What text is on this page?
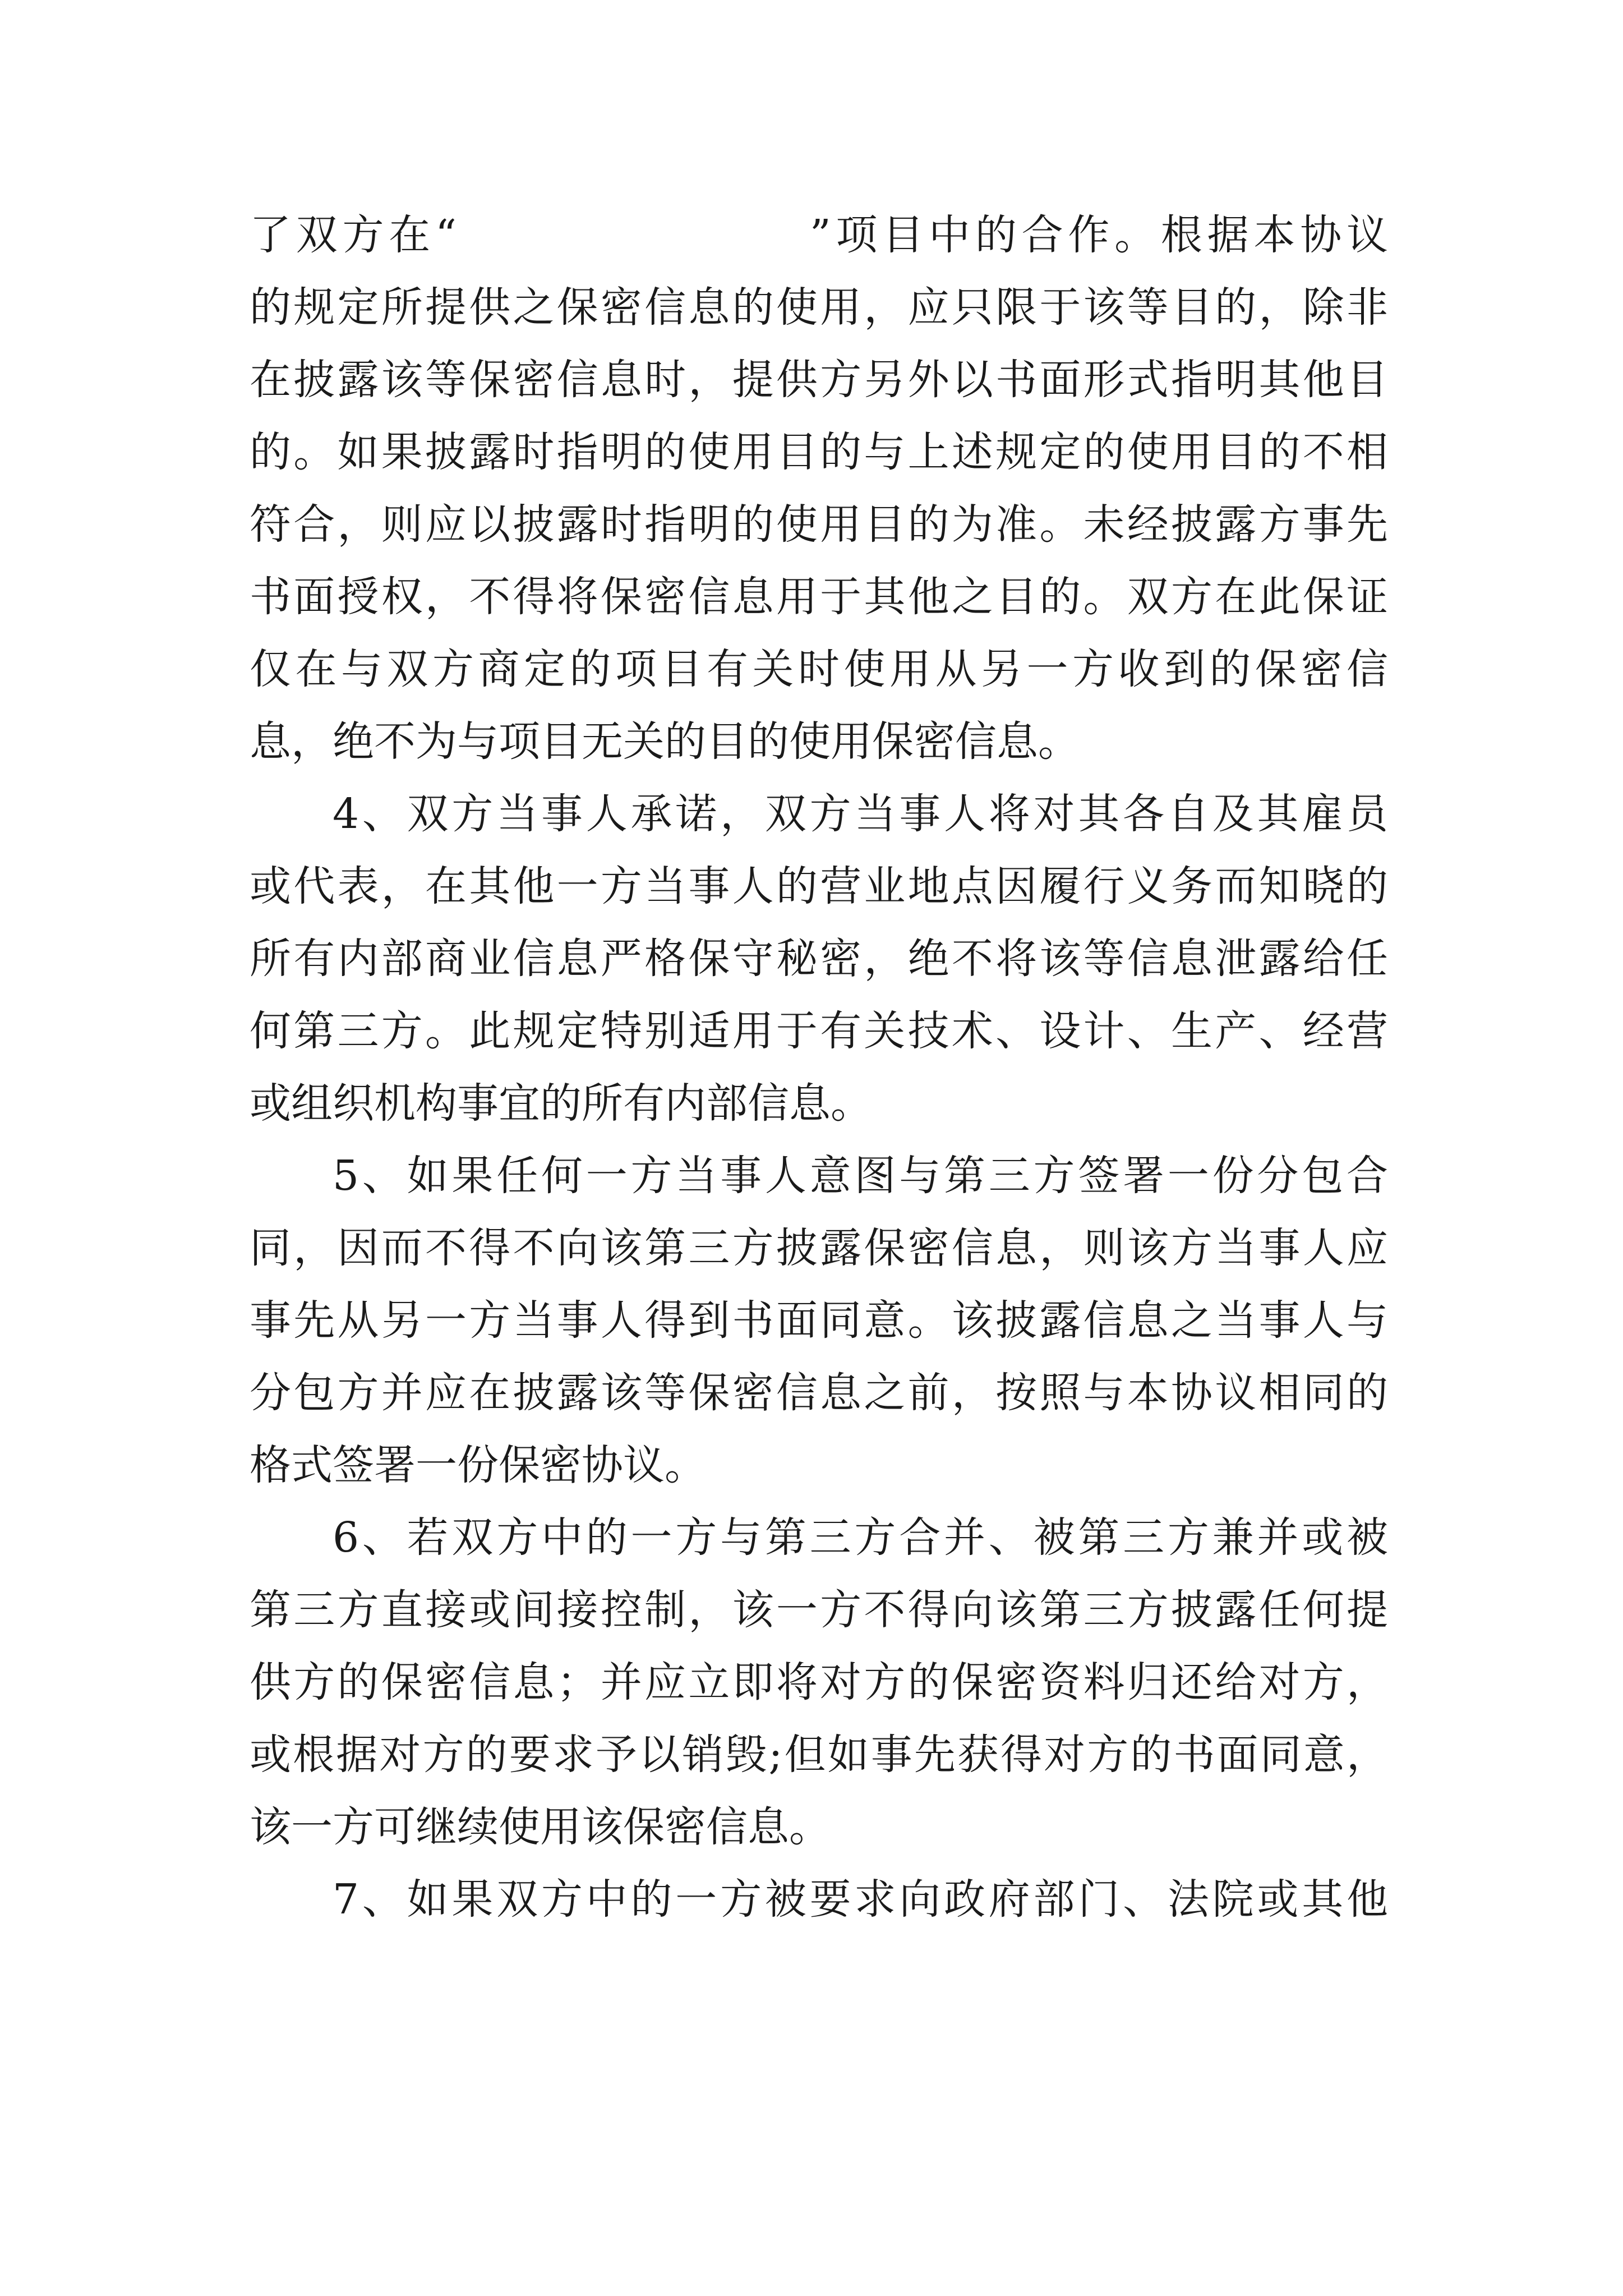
了双方在“	”项目中的合作。根据本协议
的规定所提供之保密信息的使用，应只限于该等目的，除非
在披露该等保密信息时，提供方另外以书面形式指明其他目
的。如果披露时指明的使用目的与上述规定的使用目的不相
符合，则应以披露时指明的使用目的为准。未经披露方事先
书面授权，不得将保密信息用于其他之目的。双方在此保证
仅在与双方商定的项目有关时使用从另一方收到的保密信
息，绝不为与项目无关的目的使用保密信息。
4、双方当事人承诺，双方当事人将对其各自及其雇员
或代表，在其他一方当事人的营业地点因履行义务而知晓的
所有内部商业信息严格保守秘密，绝不将该等信息泄露给任
何第三方。此规定特别适用于有关技术、设计、生产、经营
或组织机构事宜的所有内部信息。
5、如果任何一方当事人意图与第三方签署一份分包合
同，因而不得不向该第三方披露保密信息，则该方当事人应
事先从另一方当事人得到书面同意。该披露信息之当事人与
分包方并应在披露该等保密信息之前，按照与本协议相同的
格式签署一份保密协议。
6、若双方中的一方与第三方合并、被第三方兼并或被
第三方直接或间接控制，该一方不得向该第三方披露任何提
供方的保密信息；并应立即将对方的保密资料归还给对方，
或根据对方的要求予以销毁;但如事先获得对方的书面同意，
该一方可继续使用该保密信息。
7、如果双方中的一方被要求向政府部门、法院或其他
